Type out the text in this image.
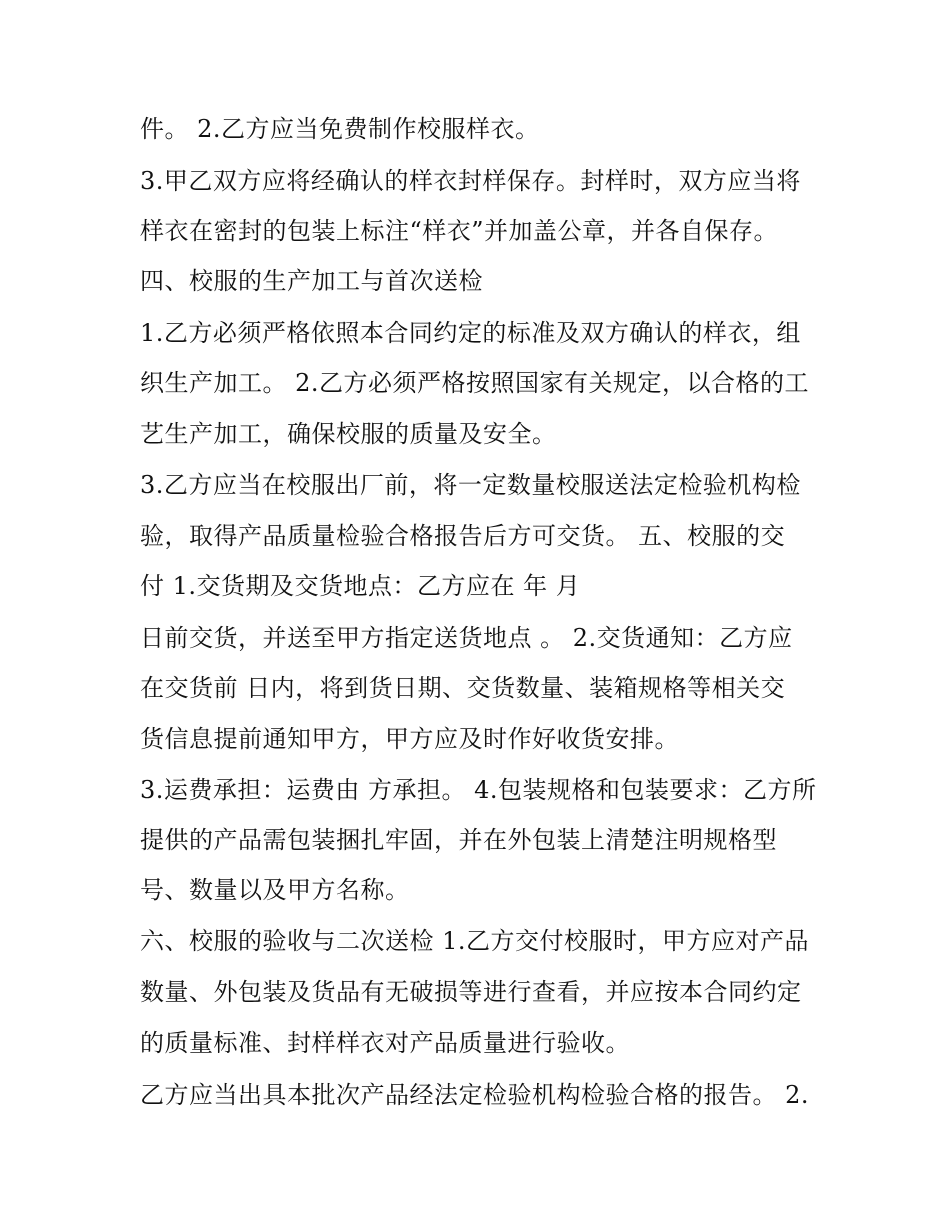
件。 2.乙方应当免费制作校服样衣。
3.甲乙双方应将经确认的样衣封样保存。封样时，双方应当将
样衣在密封的包装上标注“样衣”并加盖公章，并各自保存。
四、校服的生产加工与首次送检
1.乙方必须严格依照本合同约定的标准及双方确认的样衣，组
织生产加工。 2.乙方必须严格按照国家有关规定，以合格的工
艺生产加工，确保校服的质量及安全。
3.乙方应当在校服出厂前，将一定数量校服送法定检验机构检
验，取得产品质量检验合格报告后方可交货。 五、校服的交
付 1.交货期及交货地点：乙方应在 年 月
日前交货，并送至甲方指定送货地点 。 2.交货通知：乙方应
在交货前 日内，将到货日期、交货数量、装箱规格等相关交
货信息提前通知甲方，甲方应及时作好收货安排。
3.运费承担：运费由 方承担。 4.包装规格和包装要求：乙方所
提供的产品需包装捆扎牢固，并在外包装上清楚注明规格型
号、数量以及甲方名称。
六、校服的验收与二次送检 1.乙方交付校服时，甲方应对产品
数量、外包装及货品有无破损等进行查看，并应按本合同约定
的质量标准、封样样衣对产品质量进行验收。
乙方应当出具本批次产品经法定检验机构检验合格的报告。 2.
